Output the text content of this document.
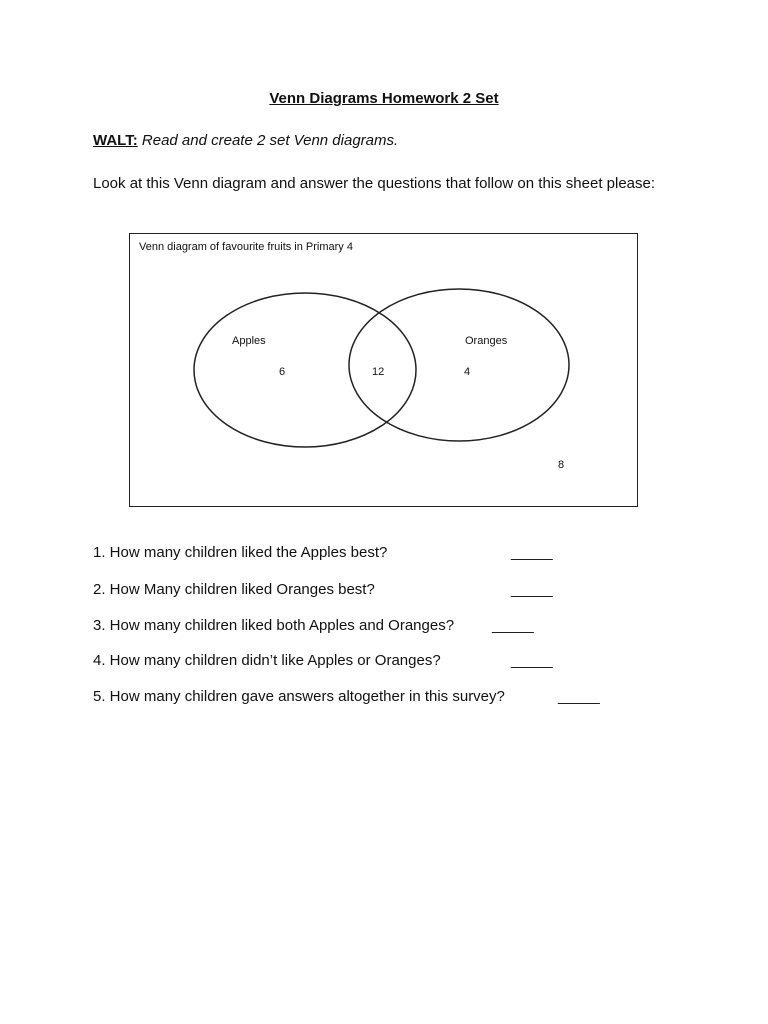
Venn Diagrams Homework 2 Set
WALT: Read and create 2 set Venn diagrams.
Look at this Venn diagram and answer the questions that follow on this sheet please:
Venn diagram of favourite fruits in Primary 4
Apples	Oranges
6	12	4
8
1. How many children liked the Apples best?	_____
2. How Many children liked Oranges best?	_____
3. How many children liked both Apples and Oranges?	_____
4. How many children didn’t like Apples or Oranges?	_____
5. How many children gave answers altogether in this survey?	_____
